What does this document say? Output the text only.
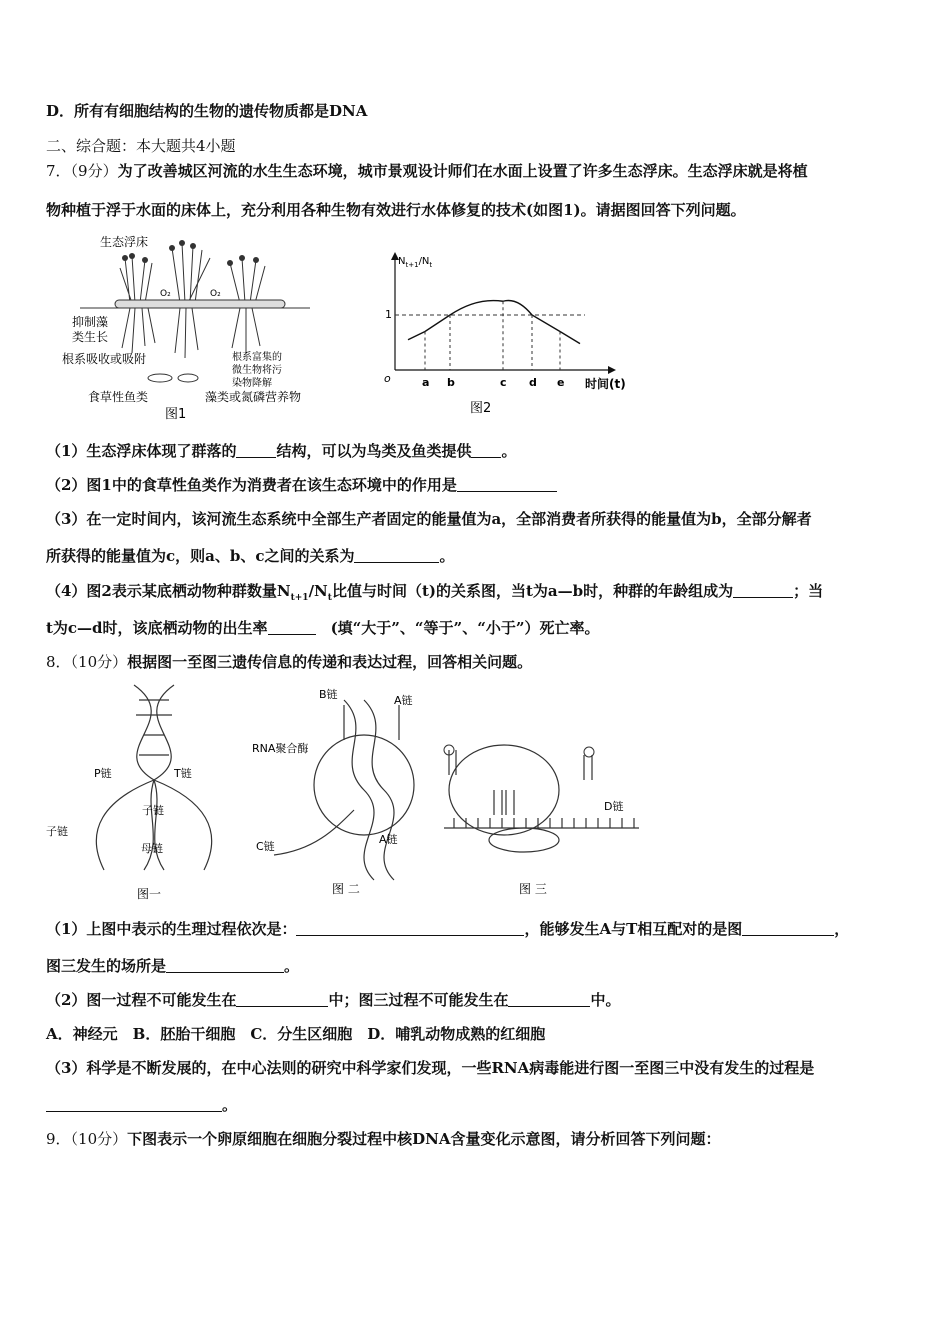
D．所有有细胞结构的生物的遗传物质都是DNA
二、综合题：本大题共4小题
7．（9分）为了改善城区河流的水生生态环境，城市景观设计师们在水面上设置了许多生态浮床。生态浮床就是将植
物种植于浮于水面的床体上，充分利用各种生物有效进行水体修复的技术(如图1)。请据图回答下列问题。
生态浮床
O₂	O₂
抑制藻
类生长
根系吸收或吸附	根系富集的
微生物将污
染物降解
食草性鱼类	藻类或氮磷营养物
图1
$N_{t+1}/N_t$
1
o	a b	c d e 时间(t)
图2
（1）生态浮床体现了群落的	结构，可以为鸟类及鱼类提供 。
（2）图1中的食草性鱼类作为消费者在该生态环境中的作用是
（3）在一定时间内，该河流生态系统中全部生产者固定的能量值为a，全部消费者所获得的能量值为b，全部分解者
所获得的能量值为c，则a、b、c之间的关系为	。
（4）图2表示某底栖动物种群数量$N_{t+1}/N_t$比值与时间（t)的关系图，当t为a—b时，种群的年龄组成为	；当
t为c—d时，该底栖动物的出生率　	(填“大于”、“等于”、“小于”）死亡率。
8．（10分）根据图一至图三遗传信息的传递和表达过程，回答相关问题。
P链	T链
子链
子链
母链
图一
B链	A链
RNA聚合酶
C链
A链
图 二
D链
图 三
（1）上图中表示的生理过程依次是：	，能够发生A与T相互配对的是图	，
图三发生的场所是	。
（2）图一过程不可能发生在	中；图三过程不可能发生在	中。
A．神经元　B．胚胎干细胞　C．分生区细胞　D．哺乳动物成熟的红细胞
（3）科学是不断发展的，在中心法则的研究中科学家们发现，一些RNA病毒能进行图一至图三中没有发生的过程是
。
9．（10分）下图表示一个卵原细胞在细胞分裂过程中核DNA含量变化示意图，请分析回答下列问题：
